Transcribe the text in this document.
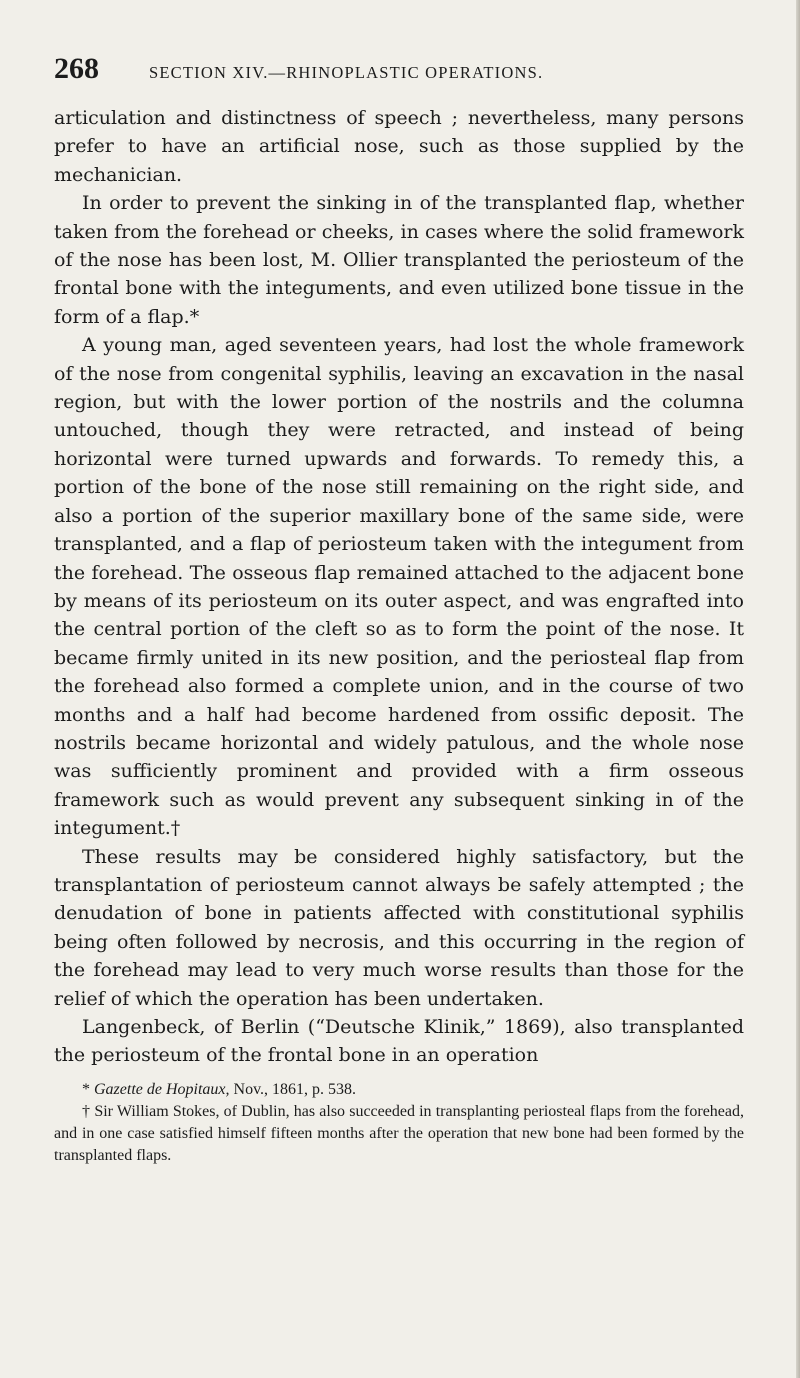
268	SECTION XIV.—RHINOPLASTIC OPERATIONS.

articulation and distinctness of speech ; nevertheless, many persons prefer to have an artificial nose, such as those supplied by the mechanician.

In order to prevent the sinking in of the transplanted flap, whether taken from the forehead or cheeks, in cases where the solid framework of the nose has been lost, M. Ollier transplanted the periosteum of the frontal bone with the integuments, and even utilized bone tissue in the form of a flap.*

A young man, aged seventeen years, had lost the whole framework of the nose from congenital syphilis, leaving an excavation in the nasal region, but with the lower portion of the nostrils and the columna untouched, though they were retracted, and instead of being horizontal were turned upwards and forwards. To remedy this, a portion of the bone of the nose still remaining on the right side, and also a portion of the superior maxillary bone of the same side, were transplanted, and a flap of periosteum taken with the integument from the forehead. The osseous flap remained attached to the adjacent bone by means of its periosteum on its outer aspect, and was engrafted into the central portion of the cleft so as to form the point of the nose. It became firmly united in its new position, and the periosteal flap from the forehead also formed a complete union, and in the course of two months and a half had become hardened from ossific deposit. The nostrils became horizontal and widely patulous, and the whole nose was sufficiently prominent and provided with a firm osseous framework such as would prevent any subsequent sinking in of the integument.†

These results may be considered highly satisfactory, but the transplantation of periosteum cannot always be safely attempted ; the denudation of bone in patients affected with constitutional syphilis being often followed by necrosis, and this occurring in the region of the forehead may lead to very much worse results than those for the relief of which the operation has been undertaken.

Langenbeck, of Berlin (“Deutsche Klinik,” 1869), also transplanted the periosteum of the frontal bone in an operation

* Gazette de Hopitaux, Nov., 1861, p. 538.

† Sir William Stokes, of Dublin, has also succeeded in transplanting periosteal flaps from the forehead, and in one case satisfied himself fifteen months after the operation that new bone had been formed by the transplanted flaps.
